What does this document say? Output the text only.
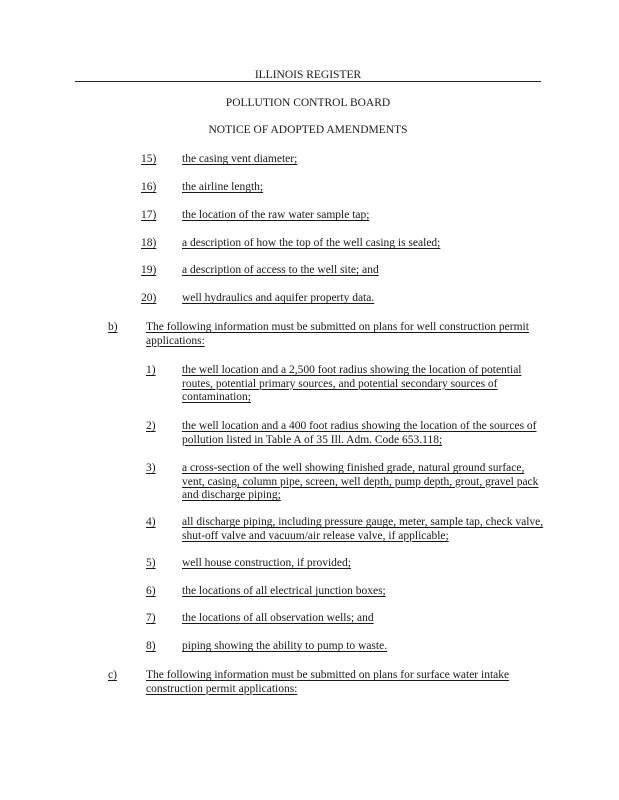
ILLINOIS REGISTER
POLLUTION CONTROL BOARD
NOTICE OF ADOPTED AMENDMENTS
15) the casing vent diameter;
16) the airline length;
17) the location of the raw water sample tap;
18) a description of how the top of the well casing is sealed;
19) a description of access to the well site; and
20) well hydraulics and aquifer property data.
b) The following information must be submitted on plans for well construction permit applications:
1) the well location and a 2,500 foot radius showing the location of potential routes, potential primary sources, and potential secondary sources of contamination;
2) the well location and a 400 foot radius showing the location of the sources of pollution listed in Table A of 35 Ill. Adm. Code 653.118;
3) a cross-section of the well showing finished grade, natural ground surface, vent, casing, column pipe, screen, well depth, pump depth, grout, gravel pack and discharge piping;
4) all discharge piping, including pressure gauge, meter, sample tap, check valve, shut-off valve and vacuum/air release valve, if applicable;
5) well house construction, if provided;
6) the locations of all electrical junction boxes;
7) the locations of all observation wells; and
8) piping showing the ability to pump to waste.
c)	The following information must be submitted on plans for surface water intake construction permit applications:
